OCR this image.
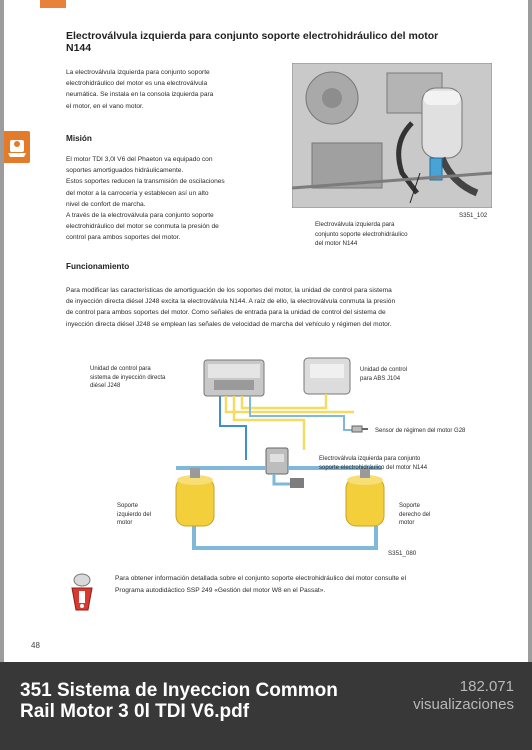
Electroválvula izquierda para conjunto soporte electrohidráulico del motor N144
La electroválvula izquierda para conjunto soporte
electrohidráulico del motor es una electroválvula
neumática. Se instala en la consola izquierda para
el motor, en el vano motor.
Misión
El motor TDI 3,0l V6 del Phaeton va equipado con
soportes amortiguados hidráulicamente.
Estos soportes reducen la transmisión de oscilaciones
del motor a la carrocería y establecen así un alto
nivel de confort de marcha.
A través de la electroválvula para conjunto soporte
electrohidráulico del motor se conmuta la presión de
control para ambos soportes del motor.
S351_102
Electroválvula izquierda para
conjunto soporte electrohidráulico
del motor N144
Funcionamiento
Para modificar las características de amortiguación de los soportes del motor, la unidad de control para sistema
de inyección directa diésel J248 excita la electroválvula N144. A raíz de ello, la electroválvula conmuta la presión
de control para ambos soportes del motor. Como señales de entrada para la unidad de control del sistema de
inyección directa diésel J248 se emplean las señales de velocidad de marcha del vehículo y régimen del motor.
Unidad de control para
sistema de inyección directa
diésel J248
Unidad de control
para ABS J104
Sensor de régimen del motor G28
Electroválvula izquierda para conjunto
soporte electrohidráulico del motor N144
Soporte
izquierdo del
motor
Soporte
derecho del
motor
S351_080
Para obtener información detallada sobre el conjunto soporte electrohidráulico del motor consulte el
Programa autodidáctico SSP 249 «Gestión del motor W8 en el Passat».
48
351 Sistema de Inyeccion Common Rail Motor 3 0l TDI V6.pdf
182.071
visualizaciones
